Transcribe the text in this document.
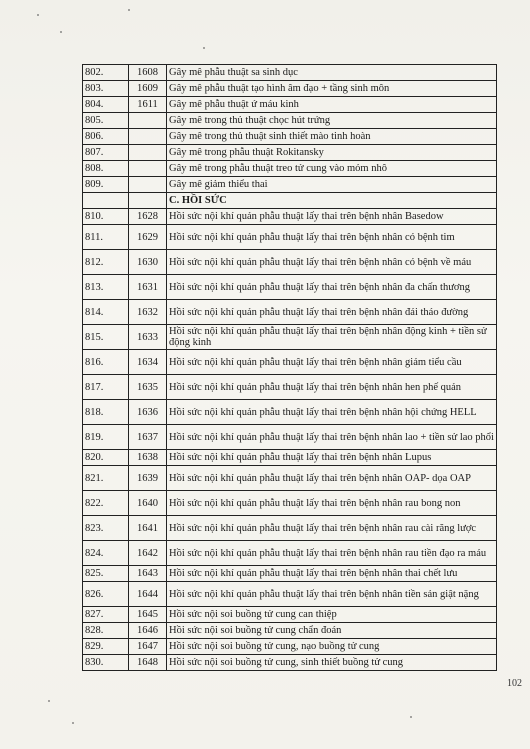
802.	1608	Gây mê phẫu thuật sa sinh dục
803.	1609	Gây mê phẫu thuật tạo hình âm đạo + tầng sinh môn
804.	1611	Gây mê phẫu thuật ứ máu kinh
805.		Gây mê trong thủ thuật chọc hút trứng
806.		Gây mê trong thủ thuật sinh thiết mào tinh hoàn
807.		Gây mê trong phẫu thuật Rokitansky
808.		Gây mê trong phẫu thuật treo tử cung vào mỏm nhô
809.		Gây mê giảm thiểu thai
		C. HỒI SỨC
810.	1628	Hồi sức nội khí quản phẫu thuật lấy thai trên bệnh nhân Basedow
811.	1629	Hồi sức nội khí quản phẫu thuật lấy thai trên bệnh nhân có bệnh tim
812.	1630	Hồi sức nội khí quản phẫu thuật lấy thai trên bệnh nhân có bệnh về máu
813.	1631	Hồi sức nội khí quản phẫu thuật lấy thai trên bệnh nhân đa chấn thương
814.	1632	Hồi sức nội khí quản phẫu thuật lấy thai trên bệnh nhân đái tháo đường
815.	1633	Hồi sức nội khí quản phẫu thuật lấy thai trên bệnh nhân động kinh + tiền sử động kinh
816.	1634	Hồi sức nội khí quản phẫu thuật lấy thai trên bệnh nhân giảm tiểu cầu
817.	1635	Hồi sức nội khí quản phẫu thuật lấy thai trên bệnh nhân hen phế quản
818.	1636	Hồi sức nội khí quản phẫu thuật lấy thai trên bệnh nhân hội chứng HELL
819.	1637	Hồi sức nội khí quản phẫu thuật lấy thai trên bệnh nhân lao + tiền sử lao phổi
820.	1638	Hồi sức nội khí quản phẫu thuật lấy thai trên bệnh nhân Lupus
821.	1639	Hồi sức nội khí quản phẫu thuật lấy thai trên bệnh nhân OAP- dọa OAP
822.	1640	Hồi sức nội khí quản phẫu thuật lấy thai trên bệnh nhân rau bong non
823.	1641	Hồi sức nội khí quản phẫu thuật lấy thai trên bệnh nhân rau cài răng lược
824.	1642	Hồi sức nội khí quản phẫu thuật lấy thai trên bệnh nhân rau tiền đạo ra máu
825.	1643	Hồi sức nội khí quản phẫu thuật lấy thai trên bệnh nhân thai chết lưu
826.	1644	Hồi sức nội khí quản phẫu thuật lấy thai trên bệnh nhân tiền sản giật nặng
827.	1645	Hồi sức nội soi buồng tử cung can thiệp
828.	1646	Hồi sức nội soi buồng tử cung chẩn đoán
829.	1647	Hồi sức nội soi buồng tử cung, nạo buồng tử cung
830.	1648	Hồi sức nội soi buồng tử cung, sinh thiết buồng tử cung
102
